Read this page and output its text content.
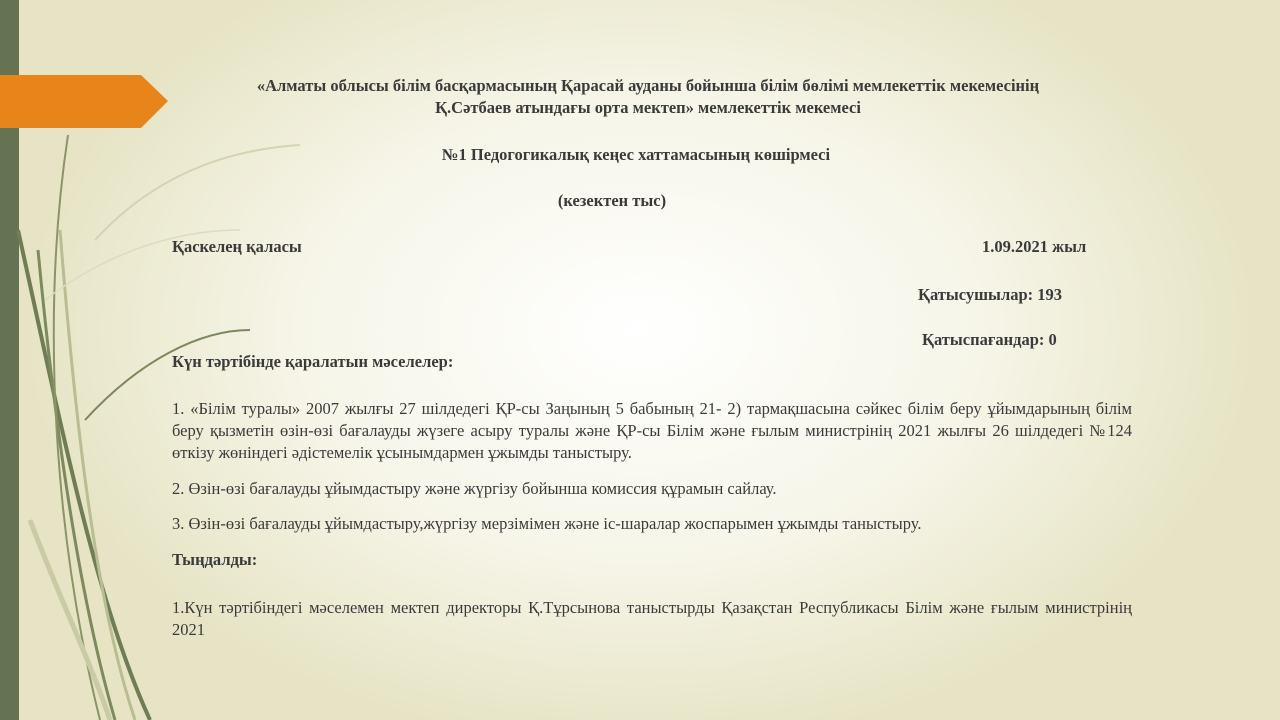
«Алматы облысы білім басқармасының Қарасай ауданы бойынша білім бөлімі мемлекеттік мекемесінің
Қ.Сәтбаев атындағы орта мектеп» мемлекеттік мекемесі
№1 Педогогикалық кеңес хаттамасының көшірмесі
(кезектен тыс)
Қаскелең қаласы	1.09.2021 жыл
Қатысушылар: 193
Қатыспағандар: 0
Күн тәртібінде қаралатын мәселелер:
1. «Білім туралы» 2007 жылғы 27 шілдедегі ҚР-сы Заңының 5 бабының 21- 2) тармақшасына сәйкес білім беру ұйымдарының білім беру қызметін өзін-өзі бағалауды жүзеге асыру туралы және ҚР-сы Білім және ғылым министрінің 2021 жылғы 26 шілдедегі №124 өткізу жөніндегі әдістемелік ұсынымдармен ұжымды таныстыру.
2. Өзін-өзі бағалауды ұйымдастыру және жүргізу бойынша комиссия құрамын сайлау.
3. Өзін-өзі бағалауды ұйымдастыру,жүргізу мерзімімен және іс-шаралар жоспарымен ұжымды таныстыру.
Тыңдалды:
1.Күн тәртібіндегі мәселемен мектеп директоры Қ.Тұрсынова таныстырды Қазақстан Республикасы Білім және ғылым министрінің 2021
